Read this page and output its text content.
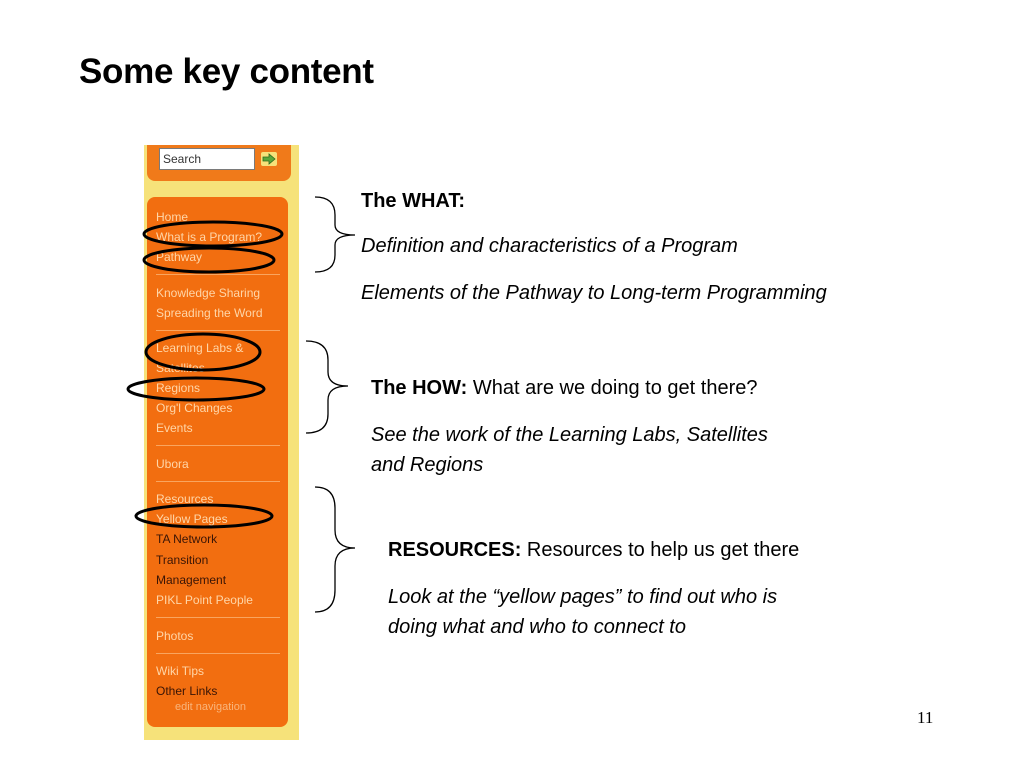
Some key content
Search
Home
What is a Program?
Pathway
Knowledge Sharing
Spreading the Word
Learning Labs &
Satellites
Regions
Org'l Changes
Events
Ubora
Resources
Yellow Pages
TA Network
Transition
Management
PIKL Point People
Photos
Wiki Tips
Other Links
edit navigation
The WHAT:
Definition and characteristics of a Program
Elements of the Pathway to Long-term Programming
The HOW: What are we doing to get there?
See the work of the Learning Labs, Satellites
and Regions
RESOURCES: Resources to help us get there
Look at the “yellow pages” to find out who is
doing what and who to connect to
11
